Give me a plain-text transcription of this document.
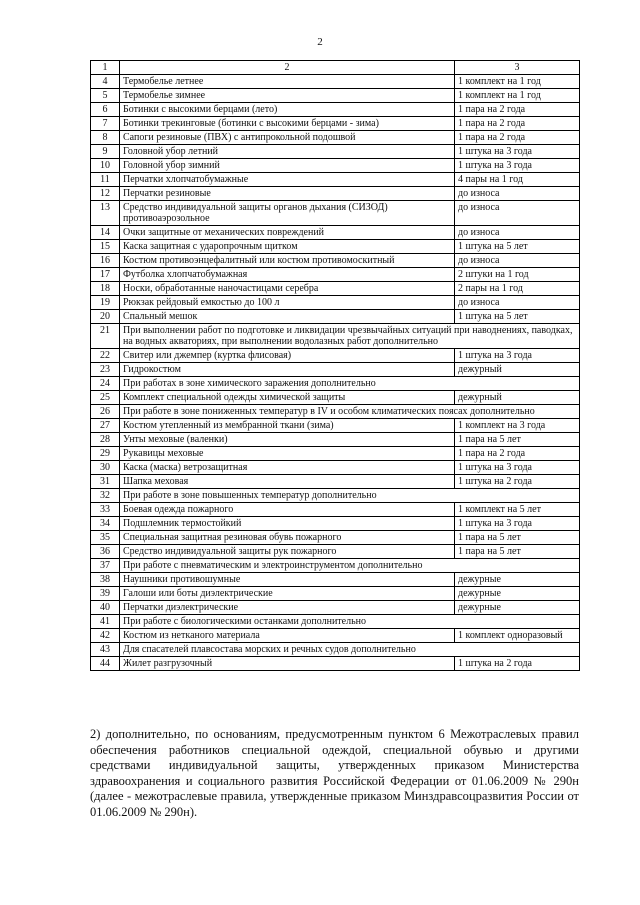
2
1	2	3
4	Термобелье летнее	1 комплект на 1 год
5	Термобелье зимнее	1 комплект на 1 год
6	Ботинки с высокими берцами (лето)	1 пара на 2 года
7	Ботинки трекинговые (ботинки с высокими берцами - зима)	1 пара на 2 года
8	Сапоги резиновые (ПВХ) с антипрокольной подошвой	1 пара на 2 года
9	Головной убор летний	1 штука на 3 года
10	Головной убор зимний	1 штука на 3 года
11	Перчатки хлопчатобумажные	4 пары на 1 год
12	Перчатки резиновые	до износа
13	Средство индивидуальной защиты органов дыхания (СИЗОД) противоаэрозольное	до износа
14	Очки защитные от механических повреждений	до износа
15	Каска защитная с ударопрочным щитком	1 штука на 5 лет
16	Костюм противоэнцефалитный или костюм противомоскитный	до износа
17	Футболка хлопчатобумажная	2 штуки на 1 год
18	Носки, обработанные наночастицами серебра	2 пары на 1 год
19	Рюкзак рейдовый емкостью до 100 л	до износа
20	Спальный мешок	1 штука на 5 лет
21	При выполнении работ по подготовке и ликвидации чрезвычайных ситуаций при наводнениях, паводках, на водных акваториях, при выполнении водолазных работ дополнительно	
22	Свитер или джемпер (куртка флисовая)	1 штука на 3 года
23	Гидрокостюм	дежурный
24	При работах в зоне химического заражения дополнительно	
25	Комплект специальной одежды химической защиты	дежурный
26	При работе в зоне пониженных температур в IV и особом климатических поясах дополнительно	
27	Костюм утепленный из мембранной ткани (зима)	1 комплект на 3 года
28	Унты меховые (валенки)	1 пара на 5 лет
29	Рукавицы меховые	1 пара на 2 года
30	Каска (маска) ветрозащитная	1 штука на 3 года
31	Шапка меховая	1 штука на 2 года
32	При работе в зоне повышенных температур дополнительно	
33	Боевая одежда пожарного	1 комплект на 5 лет
34	Подшлемник термостойкий	1 штука на 3 года
35	Специальная защитная резиновая обувь пожарного	1 пара на 5 лет
36	Средство индивидуальной защиты рук пожарного	1 пара на 5 лет
37	При работе с пневматическим и электроинструментом дополнительно	
38	Наушники противошумные	дежурные
39	Галоши или боты диэлектрические	дежурные
40	Перчатки диэлектрические	дежурные
41	При работе с биологическими останками дополнительно	
42	Костюм из нетканого материала	1 комплект одноразовый
43	Для спасателей плавсостава морских и речных судов дополнительно	
44	Жилет разгрузочный	1 штука на 2 года
2) дополнительно, по основаниям, предусмотренным пунктом 6 Межотраслевых правил обеспечения работников специальной одеждой, специальной обувью и другими средствами индивидуальной защиты, утвержденных приказом Министерства здравоохранения и социального развития Российской Федерации от 01.06.2009 № 290н (далее - межотраслевые правила, утвержденные приказом Минздравсоцразвития России от 01.06.2009 № 290н).
